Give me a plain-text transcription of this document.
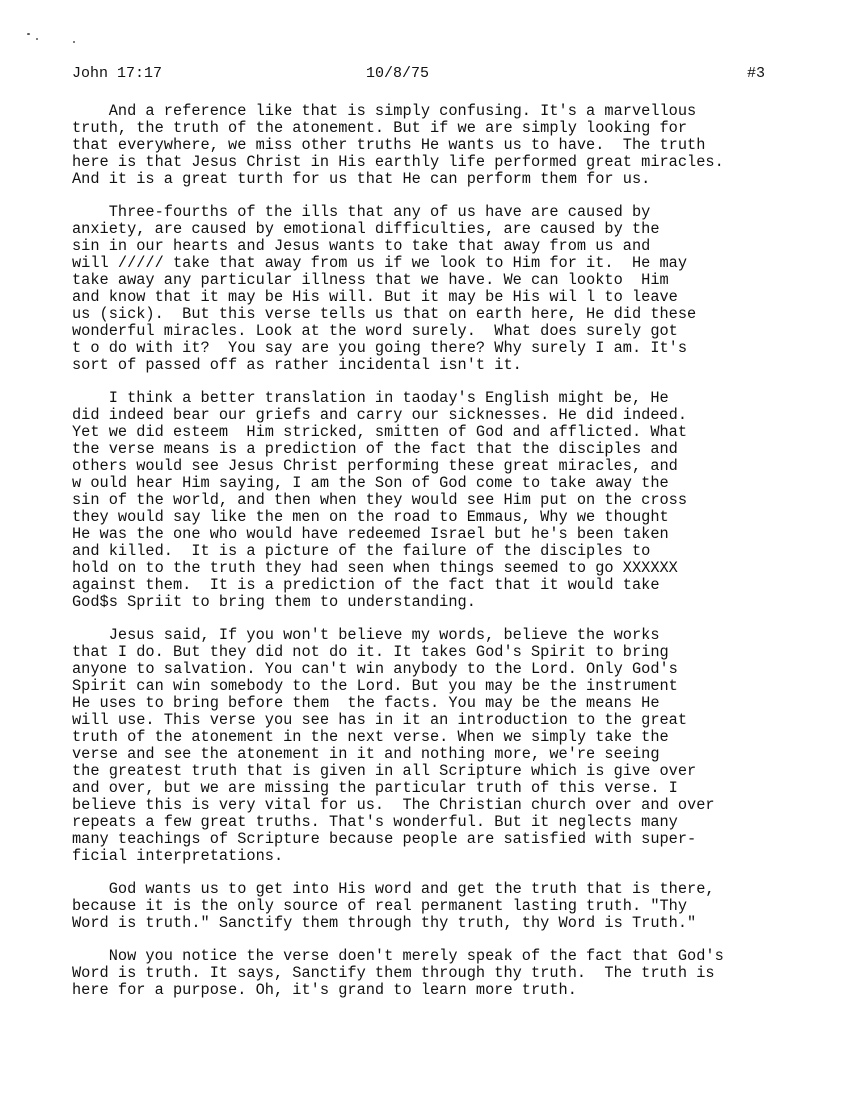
John 17:17	10/8/75	#3
And a reference like that is simply confusing. It's a marvellous
truth, the truth of the atonement. But if we are simply looking for
that everywhere, we miss other truths He wants us to have.  The truth
here is that Jesus Christ in His earthly life performed great miracles.
And it is a great turth for us that He can perform them for us.
Three-fourths of the ills that any of us have are caused by
anxiety, are caused by emotional difficulties, are caused by the
sin in our hearts and Jesus wants to take that away from us and
will ///// take that away from us if we look to Him for it.  He may
take away any particular illness that we have. We can lookto  Him
and know that it may be His will. But it may be His wil l to leave
us (sick).  But this verse tells us that on earth here, He did these
wonderful miracles. Look at the word surely.  What does surely got
t o do with it?  You say are you going there? Why surely I am. It's
sort of passed off as rather incidental isn't it.
I think a better translation in taoday's English might be, He
did indeed bear our griefs and carry our sicknesses. He did indeed.
Yet we did esteem  Him stricked, smitten of God and afflicted. What
the verse means is a prediction of the fact that the disciples and
others would see Jesus Christ performing these great miracles, and
w ould hear Him saying, I am the Son of God come to take away the
sin of the world, and then when they would see Him put on the cross
they would say like the men on the road to Emmaus, Why we thought
He was the one who would have redeemed Israel but he's been taken
and killed.  It is a picture of the failure of the disciples to
hold on to the truth they had seen when things seemed to go XXXXXX
against them.  It is a prediction of the fact that it would take
God$s Spriit to bring them to understanding.
Jesus said, If you won't believe my words, believe the works
that I do. But they did not do it. It takes God's Spirit to bring
anyone to salvation. You can't win anybody to the Lord. Only God's
Spirit can win somebody to the Lord. But you may be the instrument
He uses to bring before them  the facts. You may be the means He
will use. This verse you see has in it an introduction to the great
truth of the atonement in the next verse. When we simply take the
verse and see the atonement in it and nothing more, we're seeing
the greatest truth that is given in all Scripture which is give over
and over, but we are missing the particular truth of this verse. I
believe this is very vital for us.  The Christian church over and over
repeats a few great truths. That's wonderful. But it neglects many
many teachings of Scripture because people are satisfied with super-
ficial interpretations.
God wants us to get into His word and get the truth that is there,
because it is the only source of real permanent lasting truth. "Thy
Word is truth." Sanctify them through thy truth, thy Word is Truth."
Now you notice the verse doen't merely speak of the fact that God's
Word is truth. It says, Sanctify them through thy truth.  The truth is
here for a purpose. Oh, it's grand to learn more truth.
